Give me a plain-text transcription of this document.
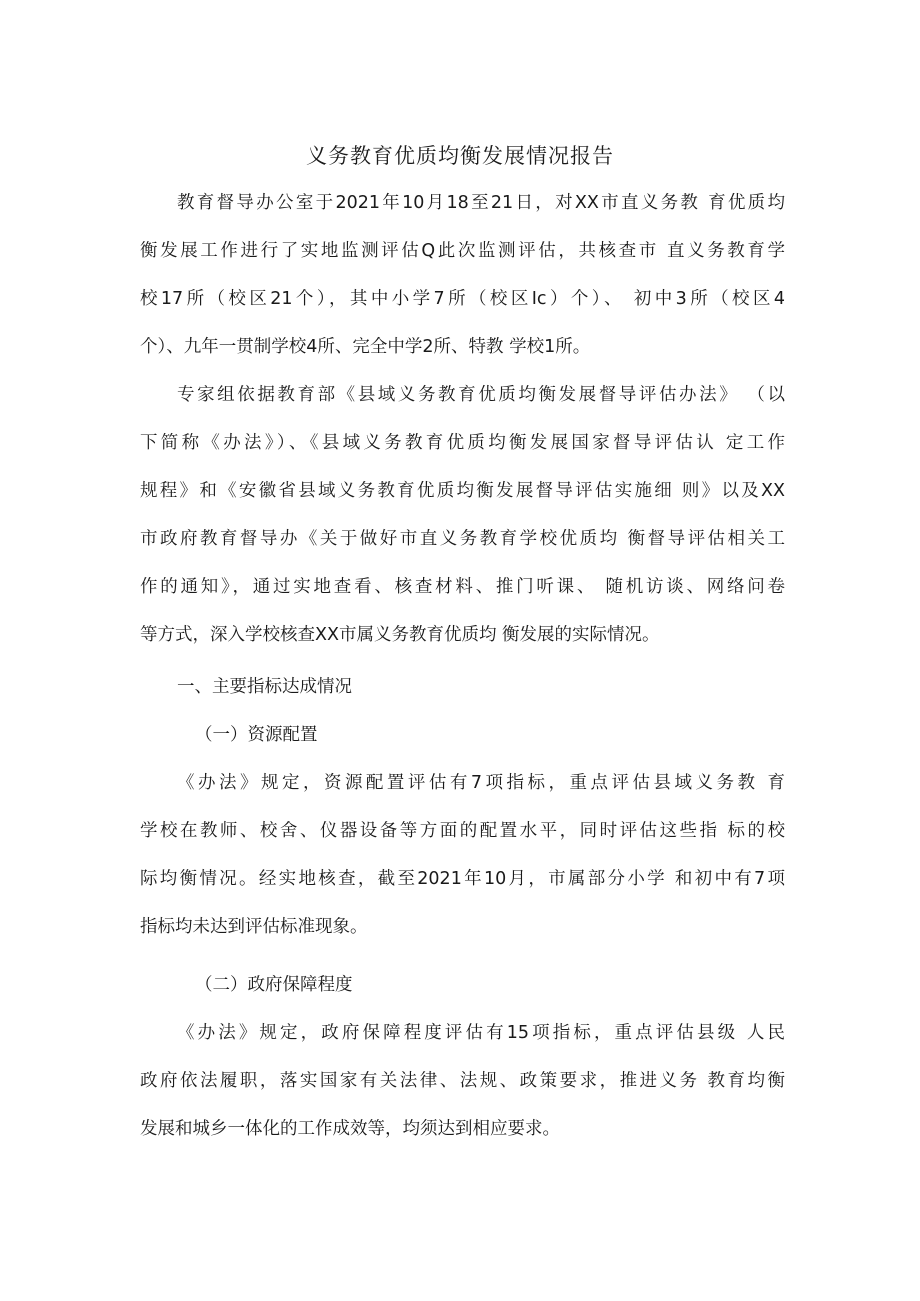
义务教育优质均衡发展情况报告
教育督导办公室于2021年10月18至21日，对XX市直义务教 育优质均
衡发展工作进行了实地监测评估Q此次监测评估，共核查市 直义务教育学
校17所（校区21个），其中小学7所（校区Ic）个）、 初中3所（校区4
个）、九年一贯制学校4所、完全中学2所、特教 学校1所。
专家组依据教育部《县域义务教育优质均衡发展督导评估办法》 （以
下简称《办法》）、《县域义务教育优质均衡发展国家督导评估认 定工作
规程》和《安徽省县域义务教育优质均衡发展督导评估实施细 则》以及XX
市政府教育督导办《关于做好市直义务教育学校优质均 衡督导评估相关工
作的通知》，通过实地查看、核查材料、推门听课、 随机访谈、网络问卷
等方式，深入学校核查XX市属义务教育优质均 衡发展的实际情况。
一、主要指标达成情况
（一）资源配置
《办法》规定，资源配置评估有7项指标，重点评估县域义务教 育
学校在教师、校舍、仪器设备等方面的配置水平，同时评估这些指 标的校
际均衡情况。经实地核查，截至2021年10月，市属部分小学 和初中有7项
指标均未达到评估标准现象。
（二）政府保障程度
《办法》规定，政府保障程度评估有15项指标，重点评估县级 人民
政府依法履职，落实国家有关法律、法规、政策要求，推进义务 教育均衡
发展和城乡一体化的工作成效等，均须达到相应要求。
